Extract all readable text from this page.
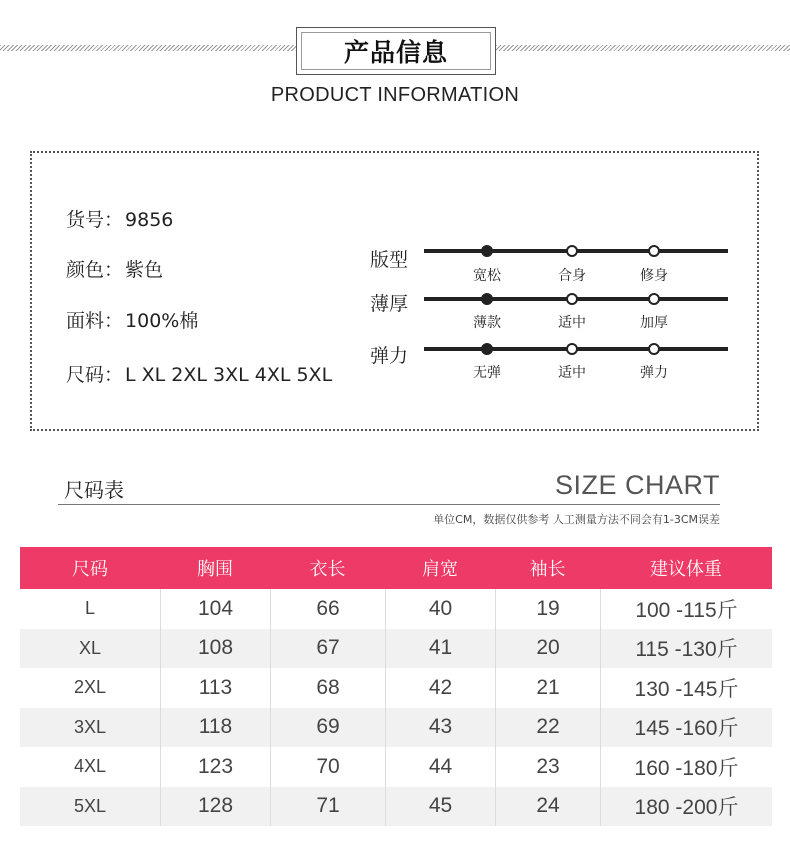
产品信息
PRODUCT INFORMATION
货号： 9856
颜色： 紫色
面料： 100%棉
尺码： L XL 2XL 3XL 4XL 5XL
版型
宽松	合身	修身
薄厚
薄款	适中	加厚
弹力
无弹	适中	弹力
尺码表	SIZE CHART
单位CM，数据仅供参考 人工测量方法不同会有1-3CM误差
尺码	胸围	衣长	肩宽	袖长	建议体重
L	104	66	40	19	100 -115斤
XL	108	67	41	20	115 -130斤
2XL	113	68	42	21	130 -145斤
3XL	118	69	43	22	145 -160斤
4XL	123	70	44	23	160 -180斤
5XL	128	71	45	24	180 -200斤
